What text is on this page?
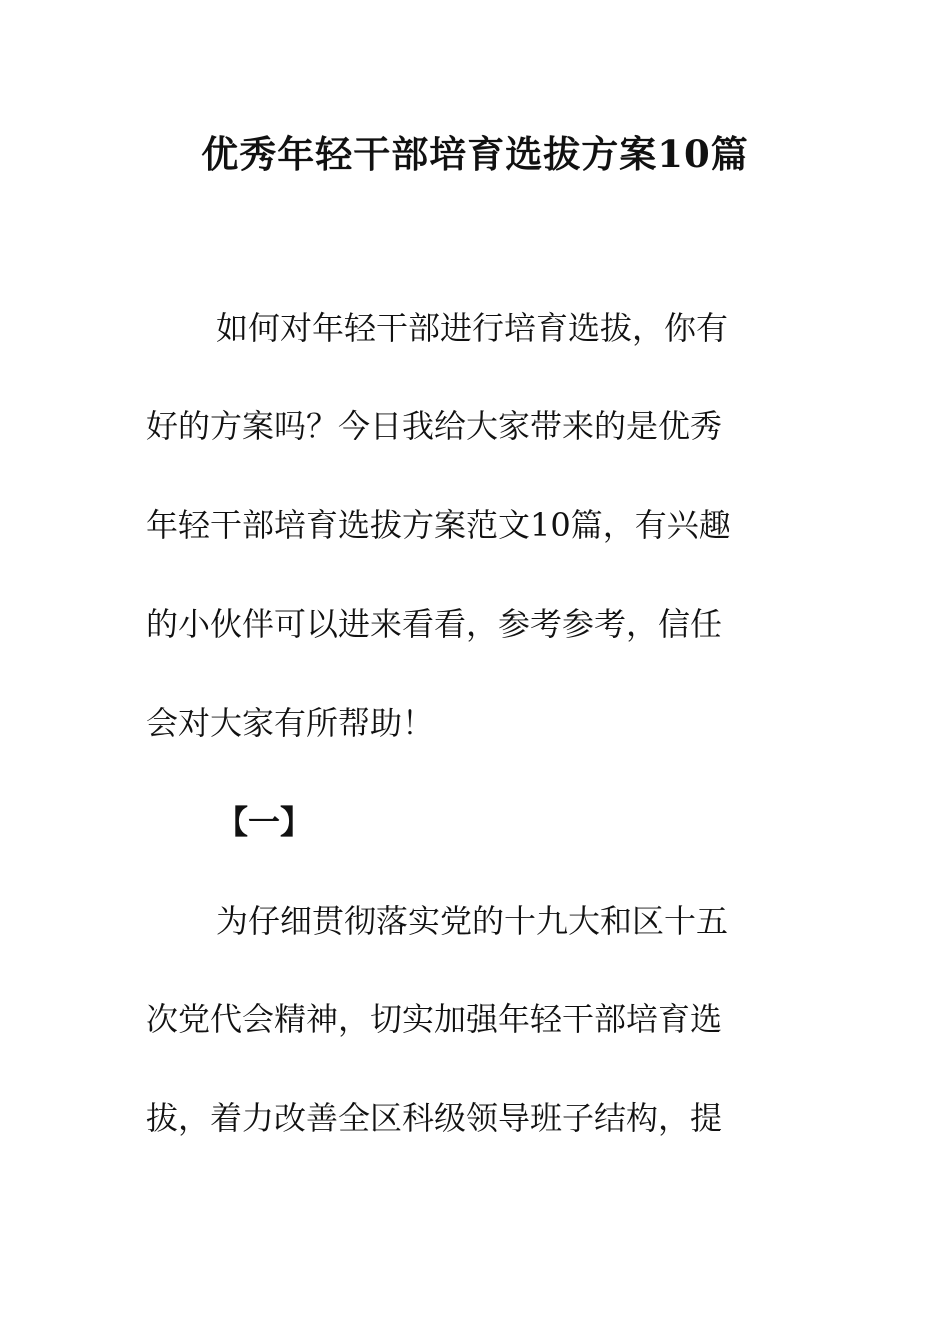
优秀年轻干部培育选拔方案10篇

如何对年轻干部进行培育选拔，你有

好的方案吗？今日我给大家带来的是优秀

年轻干部培育选拔方案范文10篇，有兴趣

的小伙伴可以进来看看，参考参考，信任

会对大家有所帮助！

【一】

为仔细贯彻落实党的十九大和区十五

次党代会精神，切实加强年轻干部培育选

拔，着力改善全区科级领导班子结构，提
